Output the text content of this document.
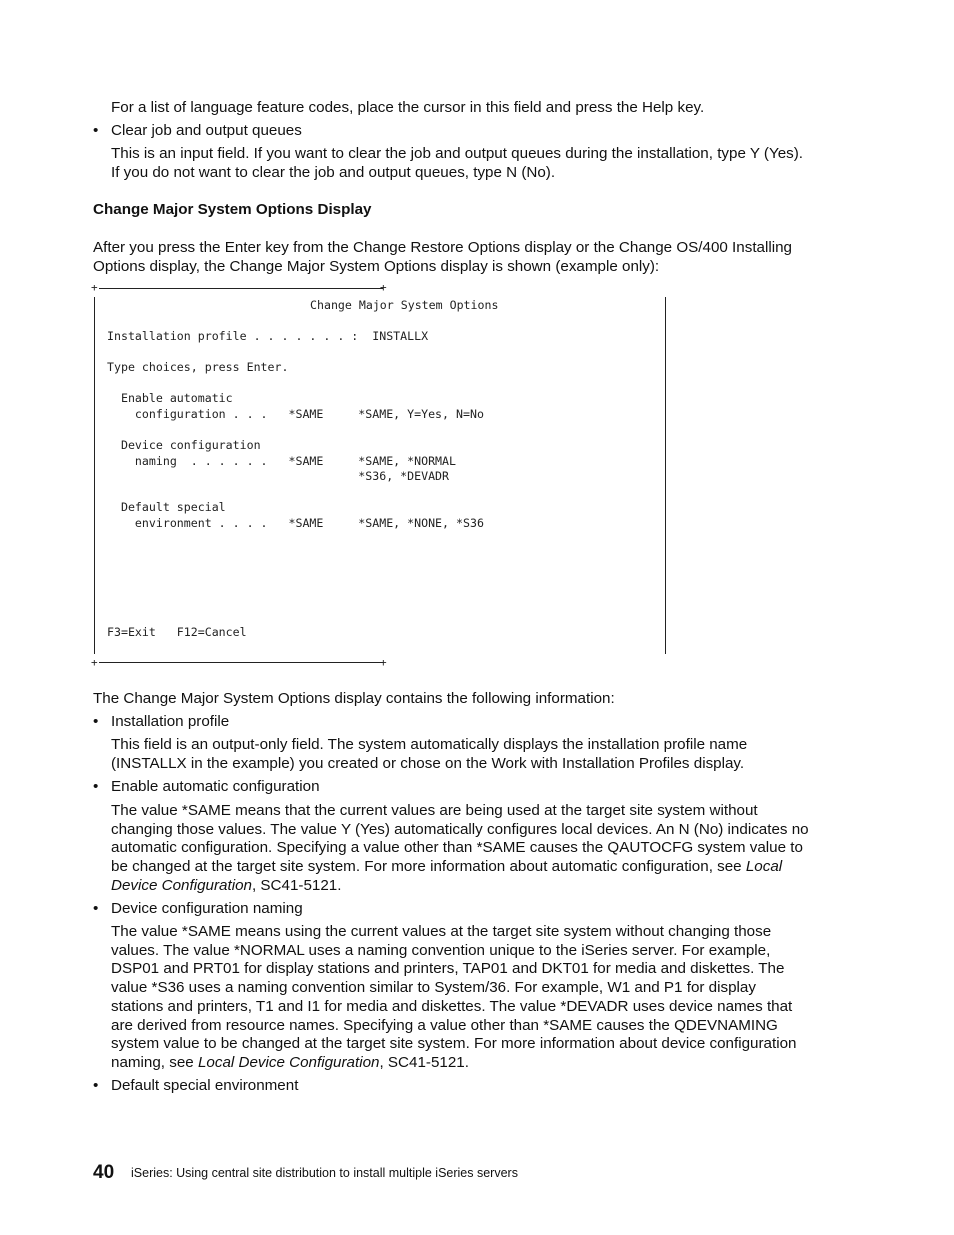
For a list of language feature codes, place the cursor in this field and press the Help key.
• Clear job and output queues
This is an input field. If you want to clear the job and output queues during the installation, type Y (Yes).
If you do not want to clear the job and output queues, type N (No).
Change Major System Options Display
After you press the Enter key from the Change Restore Options display or the Change OS/400 Installing
Options display, the Change Major System Options display is shown (example only):
+	+
+	+
Change Major System Options
Installation profile . . . . . . . :  INSTALLX
Type choices, press Enter.
Enable automatic
configuration . . .   *SAME     *SAME, Y=Yes, N=No
Device configuration
naming  . . . . . .   *SAME     *SAME, *NORMAL
*S36, *DEVADR
Default special
environment . . . .   *SAME     *SAME, *NONE, *S36
F3=Exit   F12=Cancel
The Change Major System Options display contains the following information:
• Installation profile
This field is an output-only field. The system automatically displays the installation profile name
(INSTALLX in the example) you created or chose on the Work with Installation Profiles display.
• Enable automatic configuration
The value *SAME means that the current values are being used at the target site system without
changing those values. The value Y (Yes) automatically configures local devices. An N (No) indicates no
automatic configuration. Specifying a value other than *SAME causes the QAUTOCFG system value to
be changed at the target site system. For more information about automatic configuration, see Local
Device Configuration, SC41-5121.
• Device configuration naming
The value *SAME means using the current values at the target site system without changing those
values. The value *NORMAL uses a naming convention unique to the iSeries server. For example,
DSP01 and PRT01 for display stations and printers, TAP01 and DKT01 for media and diskettes. The
value *S36 uses a naming convention similar to System/36. For example, W1 and P1 for display
stations and printers, T1 and I1 for media and diskettes. The value *DEVADR uses device names that
are derived from resource names. Specifying a value other than *SAME causes the QDEVNAMING
system value to be changed at the target site system. For more information about device configuration
naming, see Local Device Configuration, SC41-5121.
• Default special environment
40 iSeries: Using central site distribution to install multiple iSeries servers
